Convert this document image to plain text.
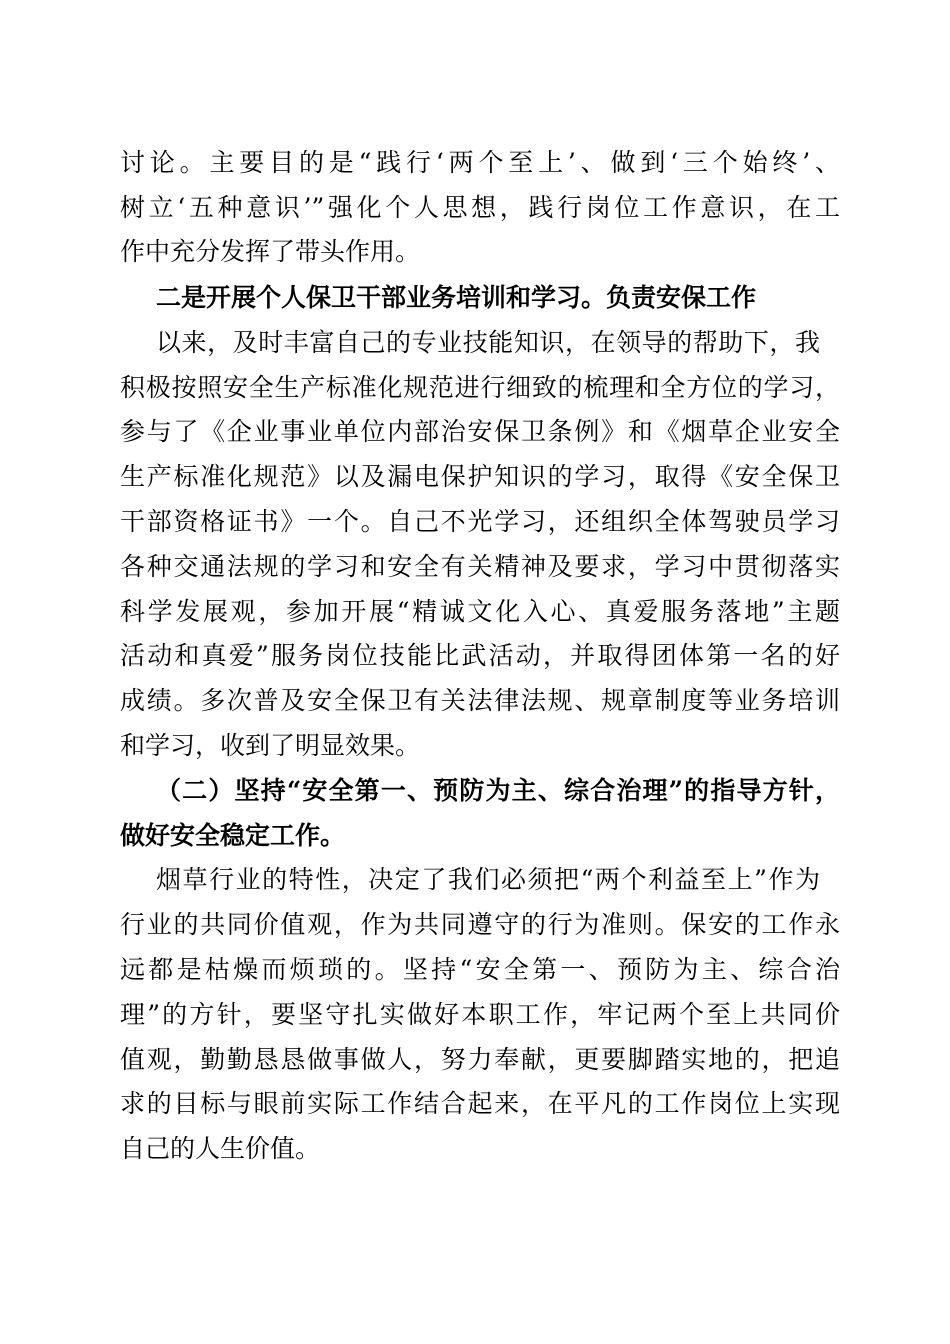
讨论。主要目的是“践行‘两个至上’、做到‘三个始终’、
树立‘五种意识’”强化个人思想，践行岗位工作意识，在工
作中充分发挥了带头作用。
二是开展个人保卫干部业务培训和学习。负责安保工作
以来，及时丰富自己的专业技能知识，在领导的帮助下，我
积极按照安全生产标准化规范进行细致的梳理和全方位的学习，
参与了《企业事业单位内部治安保卫条例》和《烟草企业安全
生产标准化规范》以及漏电保护知识的学习，取得《安全保卫
干部资格证书》一个。自己不光学习，还组织全体驾驶员学习
各种交通法规的学习和安全有关精神及要求，学习中贯彻落实
科学发展观，参加开展“精诚文化入心、真爱服务落地”主题
活动和真爱”服务岗位技能比武活动，并取得团体第一名的好
成绩。多次普及安全保卫有关法律法规、规章制度等业务培训
和学习，收到了明显效果。
（二）坚持“安全第一、预防为主、综合治理”的指导方针，
做好安全稳定工作。
烟草行业的特性，决定了我们必须把“两个利益至上”作为
行业的共同价值观，作为共同遵守的行为准则。保安的工作永
远都是枯燥而烦琐的。坚持“安全第一、预防为主、综合治
理”的方针，要坚守扎实做好本职工作，牢记两个至上共同价
值观，勤勤恳恳做事做人，努力奉献，更要脚踏实地的，把追
求的目标与眼前实际工作结合起来，在平凡的工作岗位上实现
自己的人生价值。
